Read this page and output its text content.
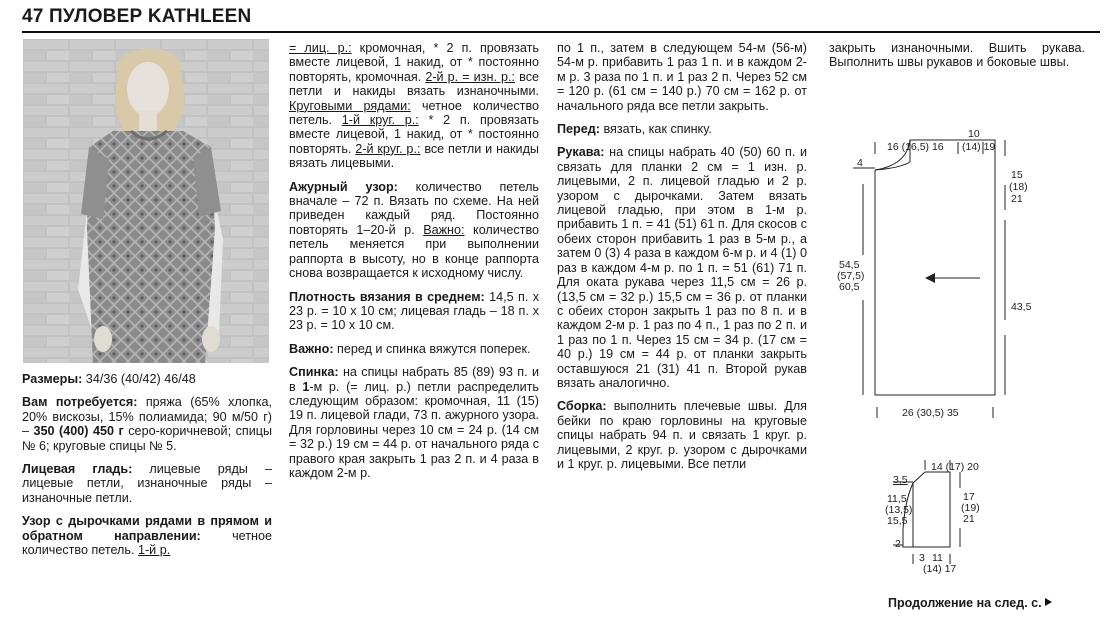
47 ПУЛОВЕР KATHLEEN

Размеры: 34/36 (40/42) 46/48

Вам потребуется: пряжа (65% хлопка, 20% вискозы, 15% полиамида; 90 м/50 г) – 350 (400) 450 г серо-коричневой; спицы № 6; круговые спицы № 5.

Лицевая гладь: лицевые ряды – лицевые петли, изнаночные ряды – изнаночные петли.

Узор с дырочками рядами в прямом и обратном направлении: четное количество петель. 1-й р.

= лиц. р.: кромочная, * 2 п. провязать вместе лицевой, 1 накид, от * постоянно повторять, кромочная. 2-й р. = изн. р.: все петли и накиды вязать изнаночными. Круговыми рядами: четное количество петель. 1-й круг. р.: * 2 п. провязать вместе лицевой, 1 накид, от * постоянно повторять. 2-й круг. р.: все петли и накиды вязать лицевыми.

Ажурный узор: количество петель вначале – 72 п. Вязать по схеме. На ней приведен каждый ряд. Постоянно повторять 1–20-й р. Важно: количество петель меняется при выполнении раппорта в высоту, но в конце раппорта снова возвращается к исходному числу.

Плотность вязания в среднем: 14,5 п. х 23 р. = 10 х 10 см; лицевая гладь – 18 п. х 23 р. = 10 х 10 см.

Важно: перед и спинка вяжутся поперек.

Спинка: на спицы набрать 85 (89) 93 п. и в 1-м р. (= лиц. р.) петли распределить следующим образом: кромочная, 11 (15) 19 п. лицевой глади, 73 п. ажурного узора. Для горловины через 10 см = 24 р. (14 см = 32 р.) 19 см = 44 р. от начального ряда с правого края закрыть 1 раз 2 п. и 4 раза в каждом 2-м р.

по 1 п., затем в следующем 54-м (56-м) 54-м р. прибавить 1 раз 1 п. и в каждом 2-м р. 3 раза по 1 п. и 1 раз 2 п. Через 52 см = 120 р. (61 см = 140 р.) 70 см = 162 р. от начального ряда все петли закрыть.

Перед: вязать, как спинку.

Рукава: на спицы набрать 40 (50) 60 п. и связать для планки 2 см = 1 изн. р. лицевыми, 2 п. лицевой гладью и 2 р. узором с дырочками. Затем вязать лицевой гладью, при этом в 1-м р. прибавить 1 п. = 41 (51) 61 п. Для скосов с обеих сторон прибавить 1 раз в 5-м р., а затем 0 (3) 4 раза в каждом 6-м р. и 4 (1) 0 раз в каждом 4-м р. по 1 п. = 51 (61) 71 п. Для оката рукава через 11,5 см = 26 р. (13,5 см = 32 р.) 15,5 см = 36 р. от планки с обеих сторон закрыть 1 раз по 8 п. и в каждом 2-м р. 1 раз по 4 п., 1 раз по 2 п. и 1 раз по 1 п. Через 15 см = 34 р. (17 см = 40 р.) 19 см = 44 р. от планки закрыть оставшуюся 21 (31) 41 п. Второй рукав вязать аналогично.

Сборка: выполнить плечевые швы. Для бейки по краю горловины на круговые спицы набрать 94 п. и связать 1 круг. р. лицевыми, 2 круг. р. узором с дырочками и 1 круг. р. лицевыми. Все петли

закрыть изнаночными. Вшить рукава. Выполнить швы рукавов и боковые швы.

16 (16,5) 16
10
(14) 19
4
15
(18)
21
54,5
(57,5)
60,5
43,5
26 (30,5) 35
14 (17) 20
3,5
11,5
(13,5)
15,5
2
17
(19)
21
3 11
(14) 17
Продолжение на след. с.
